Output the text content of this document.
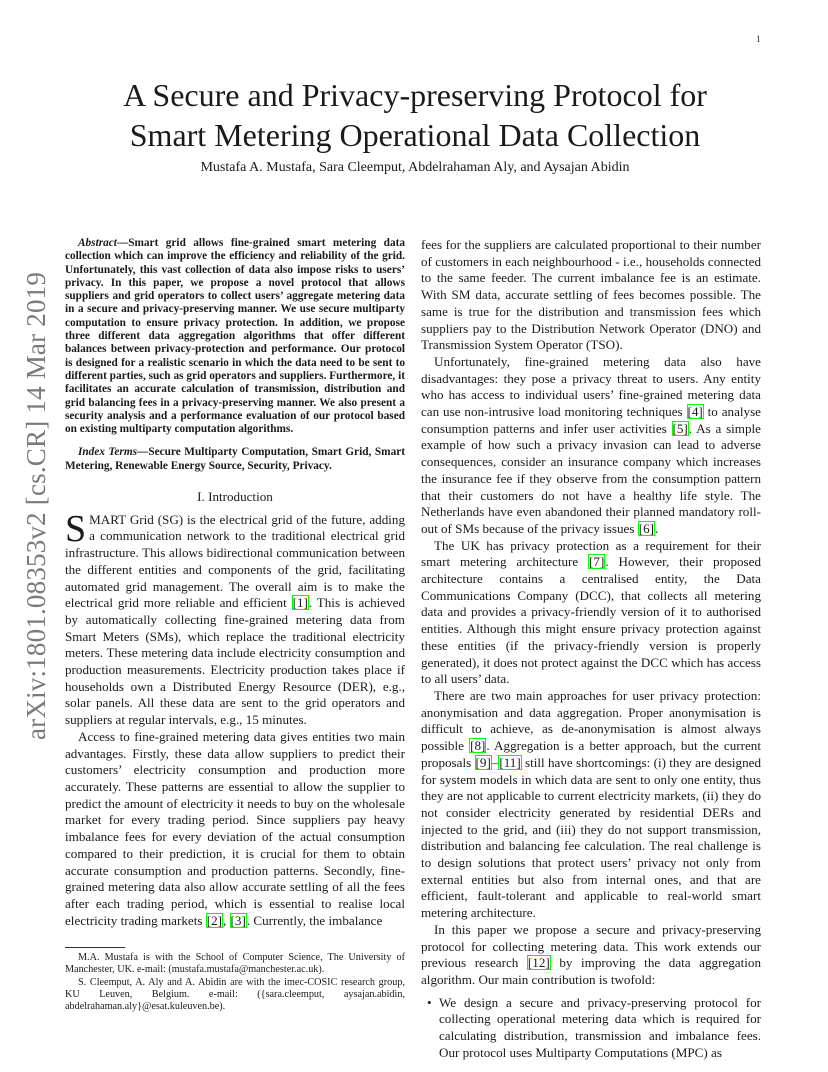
1
arXiv:1801.08353v2 [cs.CR] 14 Mar 2019
A Secure and Privacy-preserving Protocol for
Smart Metering Operational Data Collection
Mustafa A. Mustafa, Sara Cleemput, Abdelrahaman Aly, and Aysajan Abidin

Abstract—Smart grid allows fine-grained smart metering data collection which can improve the efficiency and reliability of the grid. Unfortunately, this vast collection of data also impose risks to users’ privacy. In this paper, we propose a novel protocol that allows suppliers and grid operators to collect users’ aggregate metering data in a secure and privacy-preserving manner. We use secure multiparty computation to ensure privacy protection. In addition, we propose three different data aggregation algorithms that offer different balances between privacy-protection and performance. Our protocol is designed for a realistic scenario in which the data need to be sent to different parties, such as grid operators and suppliers. Furthermore, it facilitates an accurate calculation of transmission, distribution and grid balancing fees in a privacy-preserving manner. We also present a security analysis and a performance evaluation of our protocol based on existing multiparty computation algorithms.

Index Terms—Secure Multiparty Computation, Smart Grid, Smart Metering, Renewable Energy Source, Security, Privacy.

I. Introduction

SMART Grid (SG) is the electrical grid of the future, adding a communication network to the traditional electrical grid infrastructure. This allows bidirectional communication between the different entities and components of the grid, facilitating automated grid management. The overall aim is to make the electrical grid more reliable and efficient [1]. This is achieved by automatically collecting fine-grained metering data from Smart Meters (SMs), which replace the traditional electricity meters. These metering data include electricity consumption and production measurements. Electricity production takes place if households own a Distributed Energy Resource (DER), e.g., solar panels. All these data are sent to the grid operators and suppliers at regular intervals, e.g., 15 minutes.

Access to fine-grained metering data gives entities two main advantages. Firstly, these data allow suppliers to predict their customers’ electricity consumption and production more accurately. These patterns are essential to allow the supplier to predict the amount of electricity it needs to buy on the wholesale market for every trading period. Since suppliers pay heavy imbalance fees for every deviation of the actual consumption compared to their prediction, it is crucial for them to obtain accurate consumption and production patterns. Secondly, fine-grained metering data also allow accurate settling of all the fees after each trading period, which is essential to realise local electricity trading markets [2], [3]. Currently, the imbalance

fees for the suppliers are calculated proportional to their number of customers in each neighbourhood - i.e., households connected to the same feeder. The current imbalance fee is an estimate. With SM data, accurate settling of fees becomes possible. The same is true for the distribution and transmission fees which suppliers pay to the Distribution Network Operator (DNO) and Transmission System Operator (TSO).

Unfortunately, fine-grained metering data also have disadvantages: they pose a privacy threat to users. Any entity who has access to individual users’ fine-grained metering data can use non-intrusive load monitoring techniques [4] to analyse consumption patterns and infer user activities [5]. As a simple example of how such a privacy invasion can lead to adverse consequences, consider an insurance company which increases the insurance fee if they observe from the consumption pattern that their customers do not have a healthy life style. The Netherlands have even abandoned their planned mandatory roll-out of SMs because of the privacy issues [6].

The UK has privacy protection as a requirement for their smart metering architecture [7]. However, their proposed architecture contains a centralised entity, the Data Communications Company (DCC), that collects all metering data and provides a privacy-friendly version of it to authorised entities. Although this might ensure privacy protection against these entities (if the privacy-friendly version is properly generated), it does not protect against the DCC which has access to all users’ data.

There are two main approaches for user privacy protection: anonymisation and data aggregation. Proper anonymisation is difficult to achieve, as de-anonymisation is almost always possible [8]. Aggregation is a better approach, but the current proposals [9]–[11] still have shortcomings: (i) they are designed for system models in which data are sent to only one entity, thus they are not applicable to current electricity markets, (ii) they do not consider electricity generated by residential DERs and injected to the grid, and (iii) they do not support transmission, distribution and balancing fee calculation. The real challenge is to design solutions that protect users’ privacy not only from external entities but also from internal ones, and that are efficient, fault-tolerant and applicable to real-world smart metering architecture.

In this paper we propose a secure and privacy-preserving protocol for collecting metering data. This work extends our previous research [12] by improving the data aggregation algorithm. Our main contribution is twofold:

• We design a secure and privacy-preserving protocol for collecting operational metering data which is required for calculating distribution, transmission and imbalance fees. Our protocol uses Multiparty Computations (MPC) as

M.A. Mustafa is with the School of Computer Science, The University of Manchester, UK. e-mail: (mustafa.mustafa@manchester.ac.uk).

S. Cleemput, A. Aly and A. Abidin are with the imec-COSIC research group, KU Leuven, Belgium. e-mail: ({sara.cleemput, aysajan.abidin, abdelrahaman.aly}@esat.kuleuven.be).
